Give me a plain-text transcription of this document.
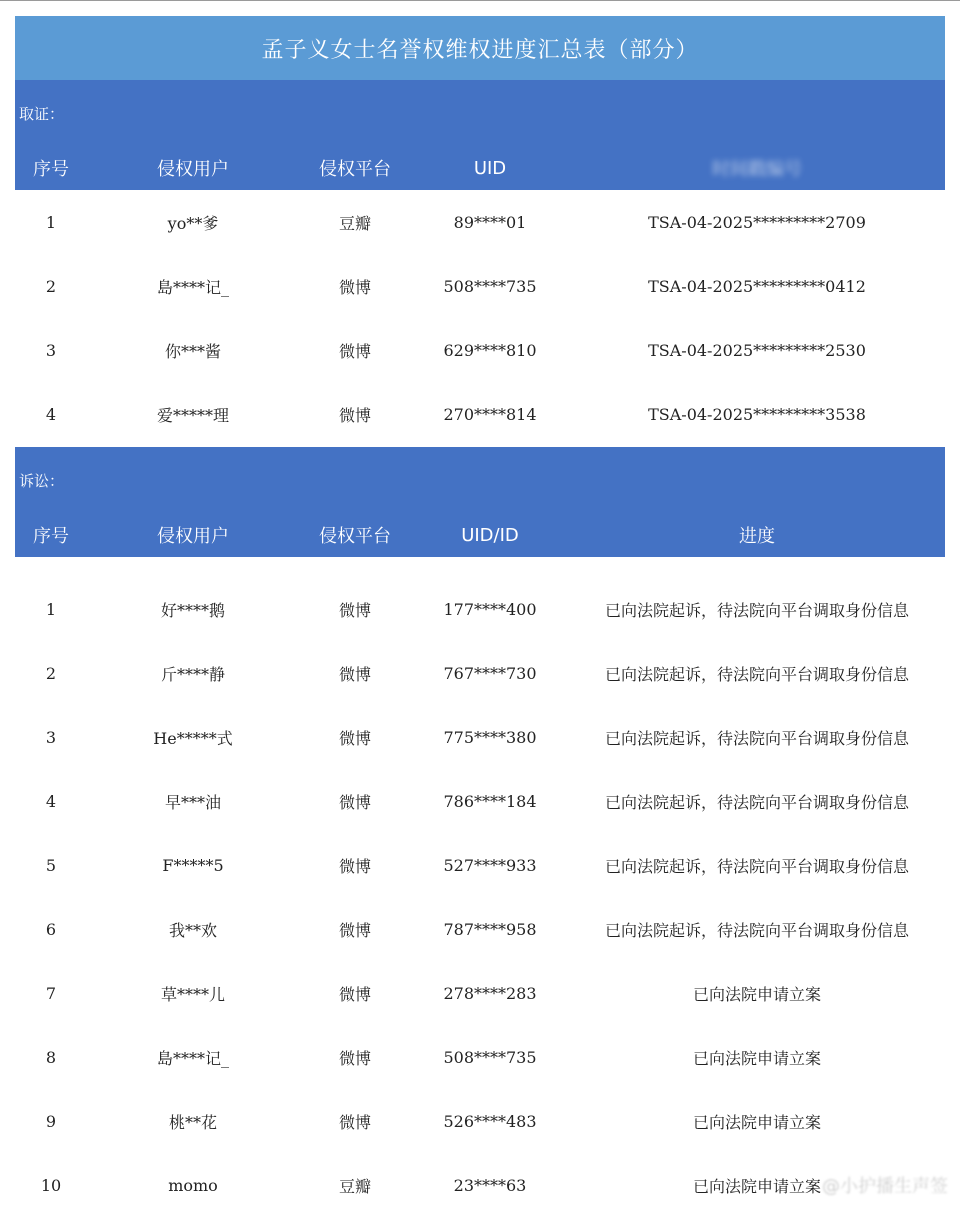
孟子义女士名誉权维权进度汇总表（部分）
取证：
序号	侵权用户	侵权平台	UID	时间戳编号
1	yo**爹	豆瓣	89****01	TSA-04-2025*********2709
2	島****记_	微博	508****735	TSA-04-2025*********0412
3	你***酱	微博	629****810	TSA-04-2025*********2530
4	爱*****理	微博	270****814	TSA-04-2025*********3538
诉讼：
序号	侵权用户	侵权平台	UID/ID	进度
1	好****鹅	微博	177****400	已向法院起诉，待法院向平台调取身份信息
2	斤****静	微博	767****730	已向法院起诉，待法院向平台调取身份信息
3	He*****式	微博	775****380	已向法院起诉，待法院向平台调取身份信息
4	早***油	微博	786****184	已向法院起诉，待法院向平台调取身份信息
5	F*****5	微博	527****933	已向法院起诉，待法院向平台调取身份信息
6	我**欢	微博	787****958	已向法院起诉，待法院向平台调取身份信息
7	草****儿	微博	278****283	已向法院申请立案
8	島****记_	微博	508****735	已向法院申请立案
9	桃**花	微博	526****483	已向法院申请立案
10	momo	豆瓣	23****63	已向法院申请立案 @小护播生声签
